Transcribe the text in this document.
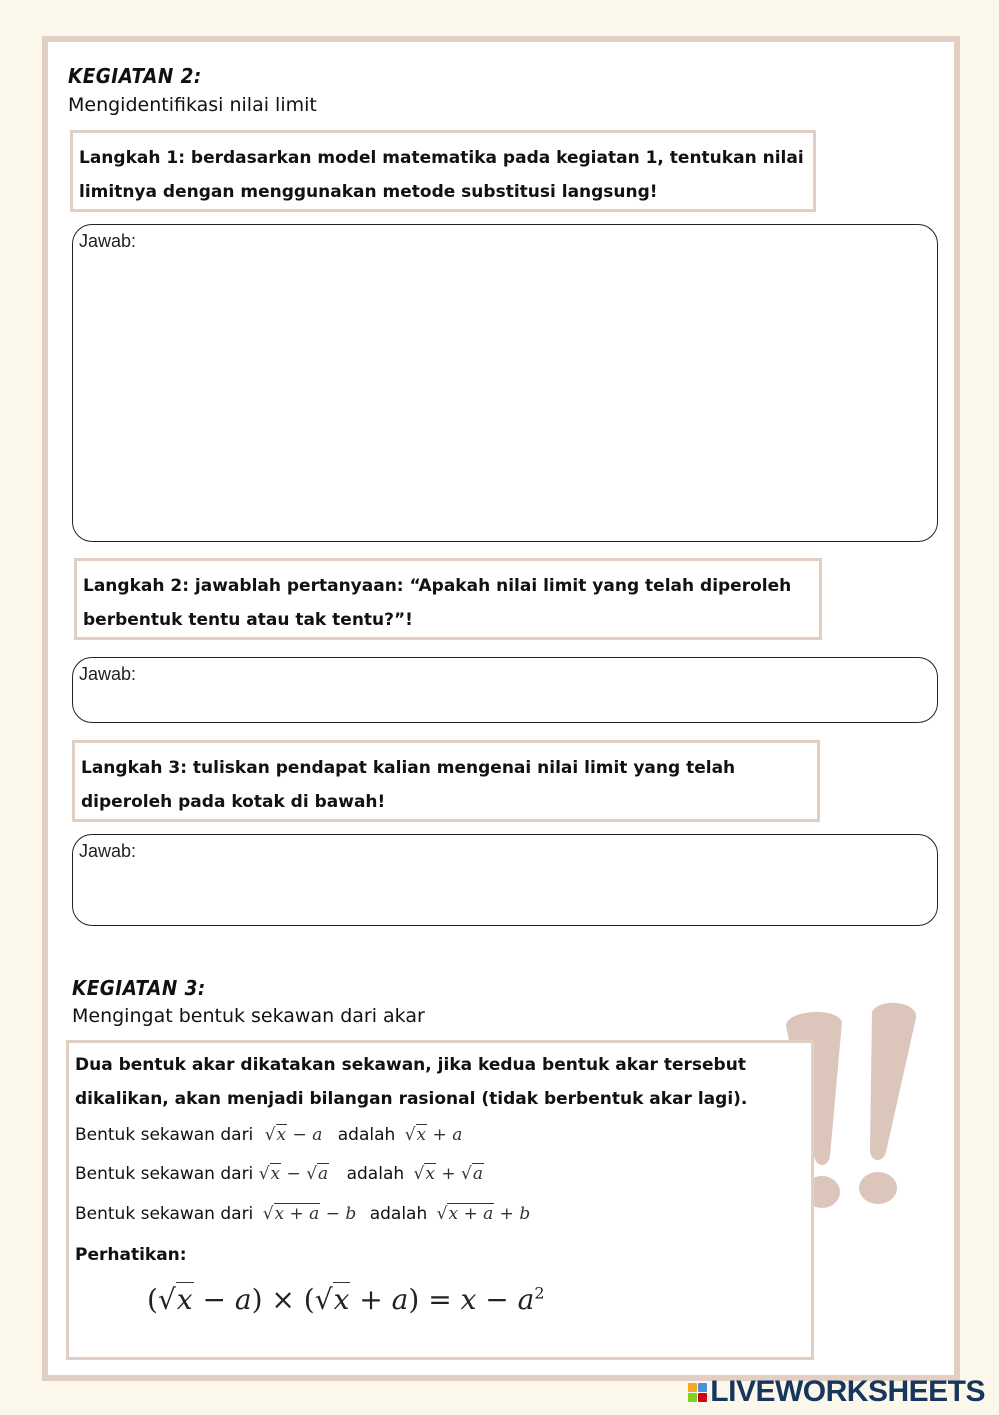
KEGIATAN 2:
Mengidentifikasi nilai limit
Langkah 1: berdasarkan model matematika pada kegiatan 1, tentukan nilai limitnya dengan menggunakan metode substitusi langsung!
Jawab:
Langkah 2: jawablah pertanyaan: “Apakah nilai limit yang telah diperoleh berbentuk tentu atau tak tentu?”!
Jawab:
Langkah 3: tuliskan pendapat kalian mengenai nilai limit yang telah diperoleh pada kotak di bawah!
Jawab:
KEGIATAN 3:
Mengingat bentuk sekawan dari akar
Dua bentuk akar dikatakan sekawan, jika kedua bentuk akar tersebut
dikalikan, akan menjadi bilangan rasional (tidak berbentuk akar lagi).
Bentuk sekawan dari √x − a adalah √x + a
Bentuk sekawan dari √x − √a adalah √x + √a
Bentuk sekawan dari √x + a − b adalah √x + a + b
Perhatikan:
$(√x - a) \times (√x + a) = x - a^2$
LIVEWORKSHEETS
